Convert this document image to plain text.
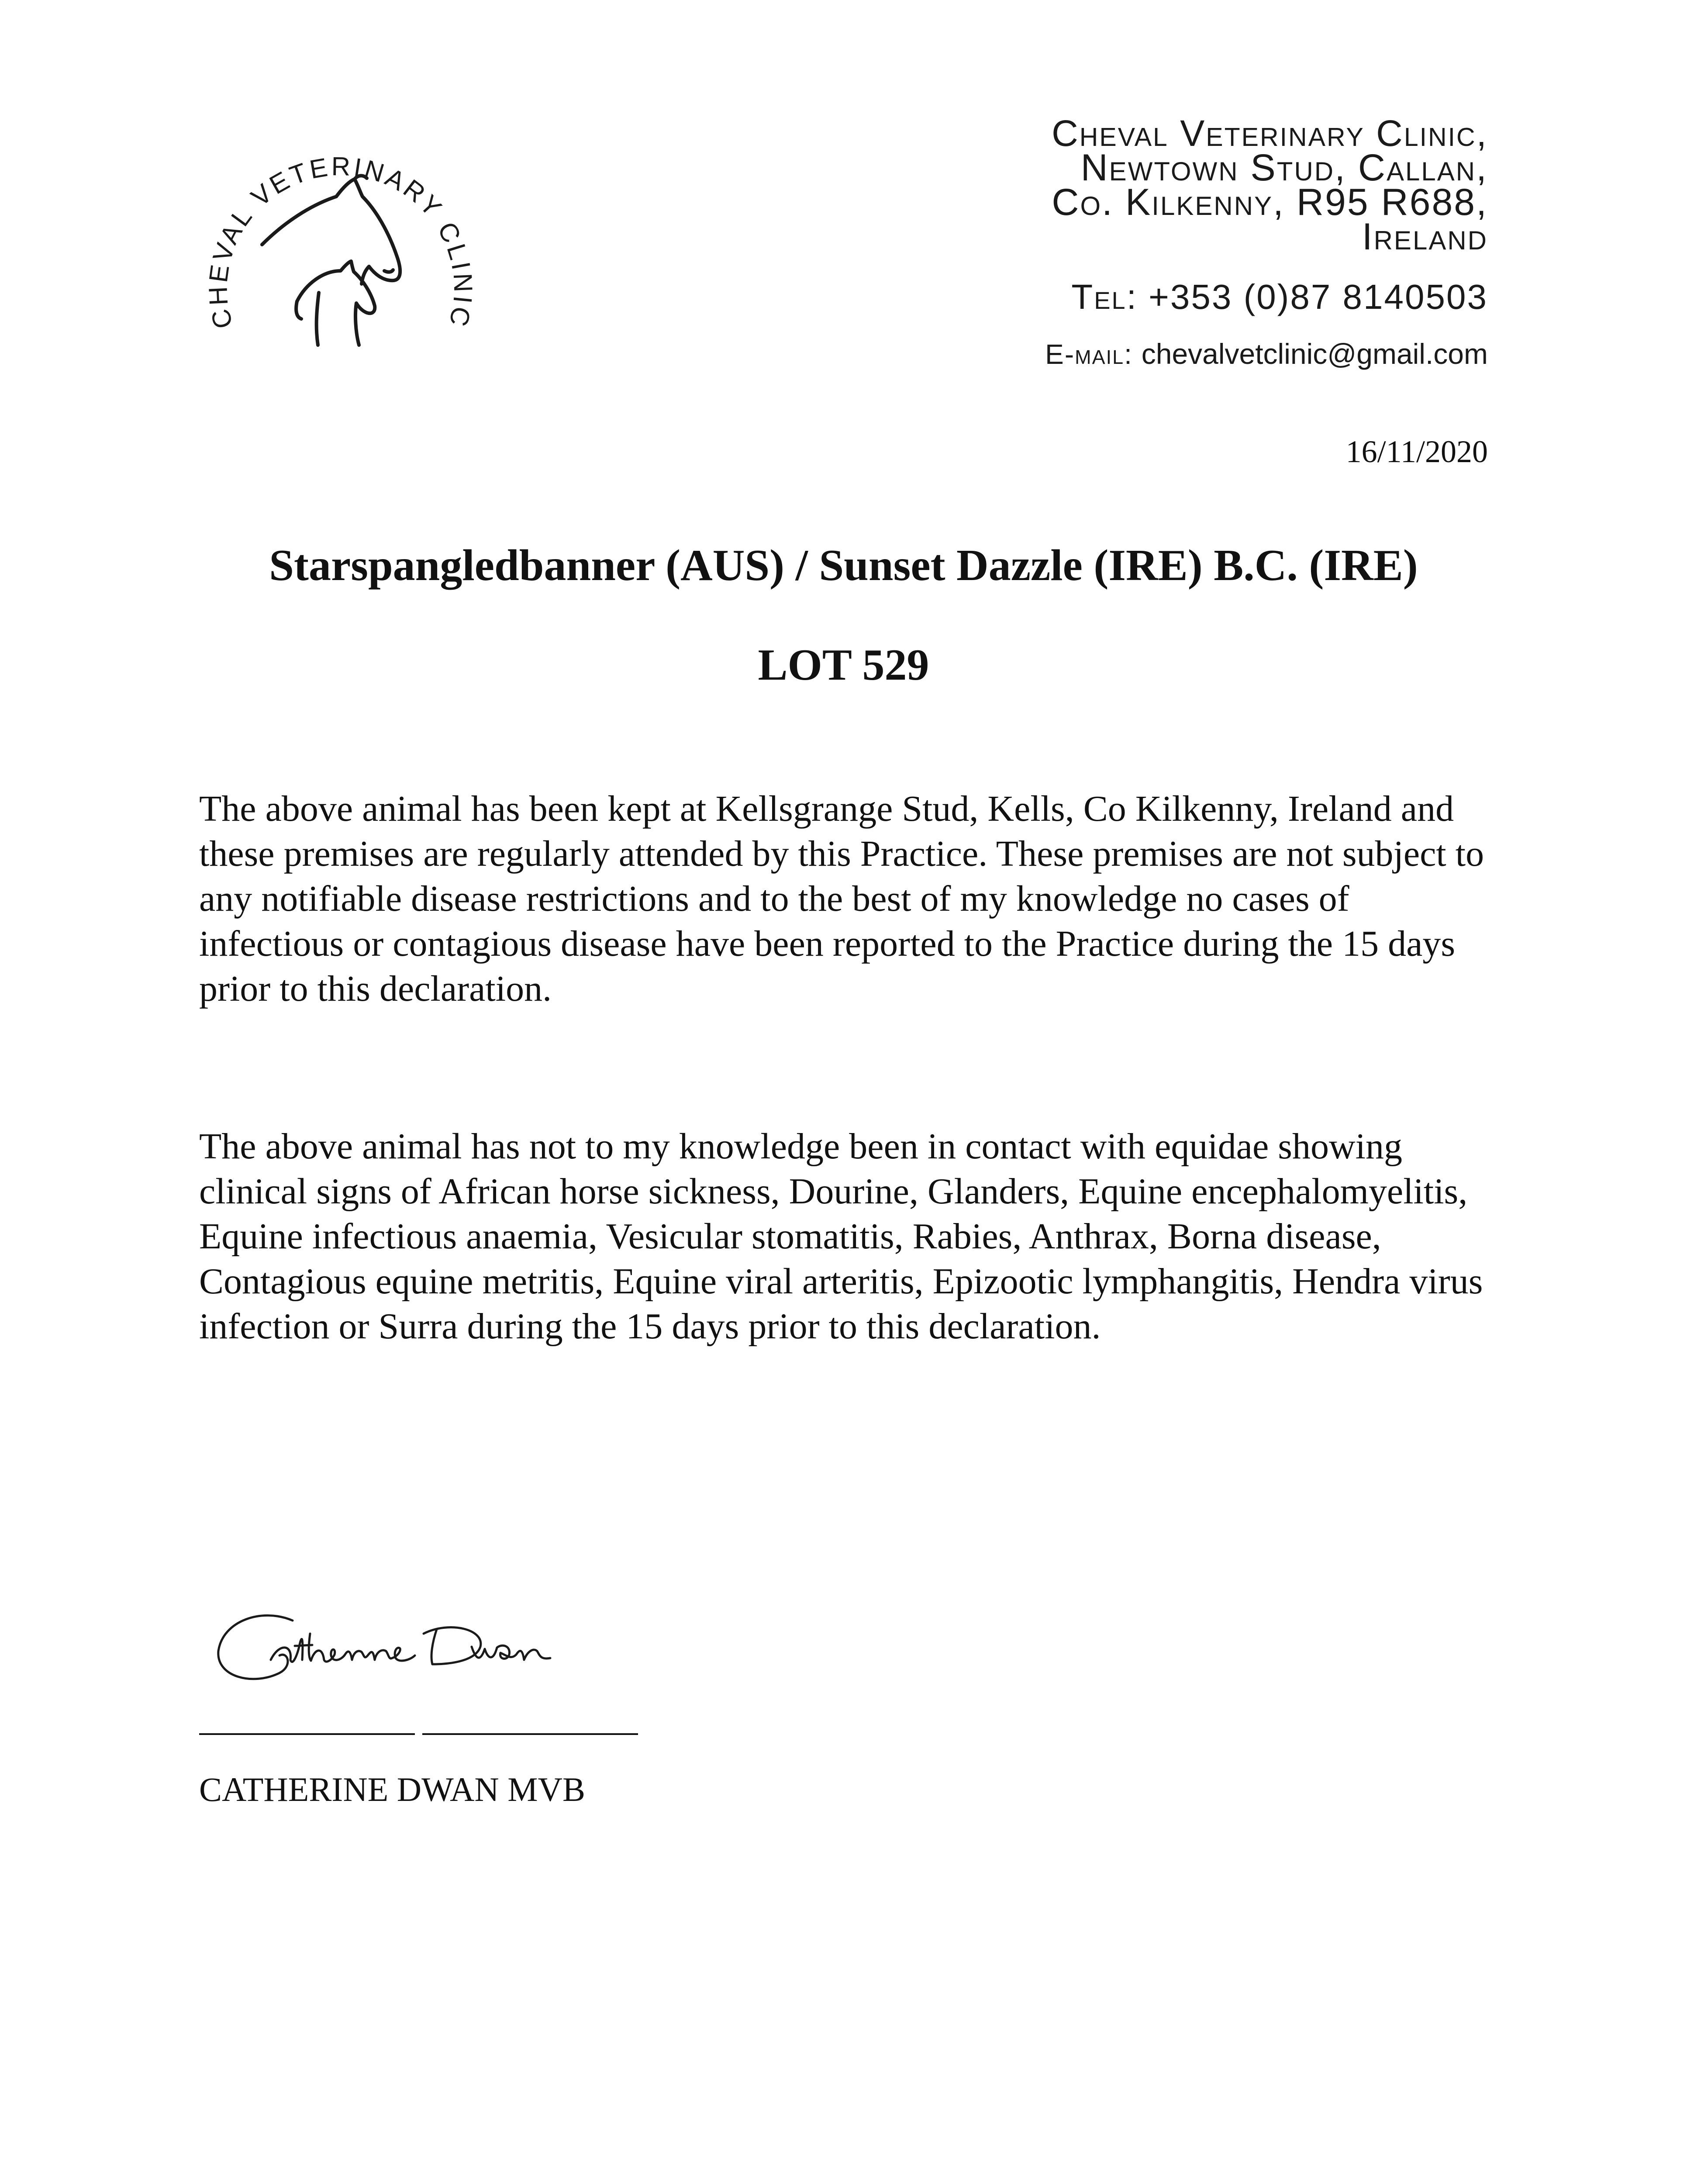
CHEVAL VETERINARY CLINIC
Cheval Veterinary Clinic,
Newtown Stud, Callan,
Co. Kilkenny, R95 R688,
Ireland
Tel: +353 (0)87 8140503
E-mail: chevalvetclinic@gmail.com
16/11/2020
Starspangledbanner (AUS) / Sunset Dazzle (IRE) B.C. (IRE)
LOT 529

The above animal has been kept at Kellsgrange Stud, Kells, Co Kilkenny, Ireland and these premises are regularly attended by this Practice. These premises are not subject to any notifiable disease restrictions and to the best of my knowledge no cases of infectious or contagious disease have been reported to the Practice during the 15 days prior to this declaration.

The above animal has not to my knowledge been in contact with equidae showing clinical signs of African horse sickness, Dourine, Glanders, Equine encephalomyelitis, Equine infectious anaemia, Vesicular stomatitis, Rabies, Anthrax, Borna disease, Contagious equine metritis, Equine viral arteritis, Epizootic lymphangitis, Hendra virus infection or Surra during the 15 days prior to this declaration.

CATHERINE DWAN MVB
